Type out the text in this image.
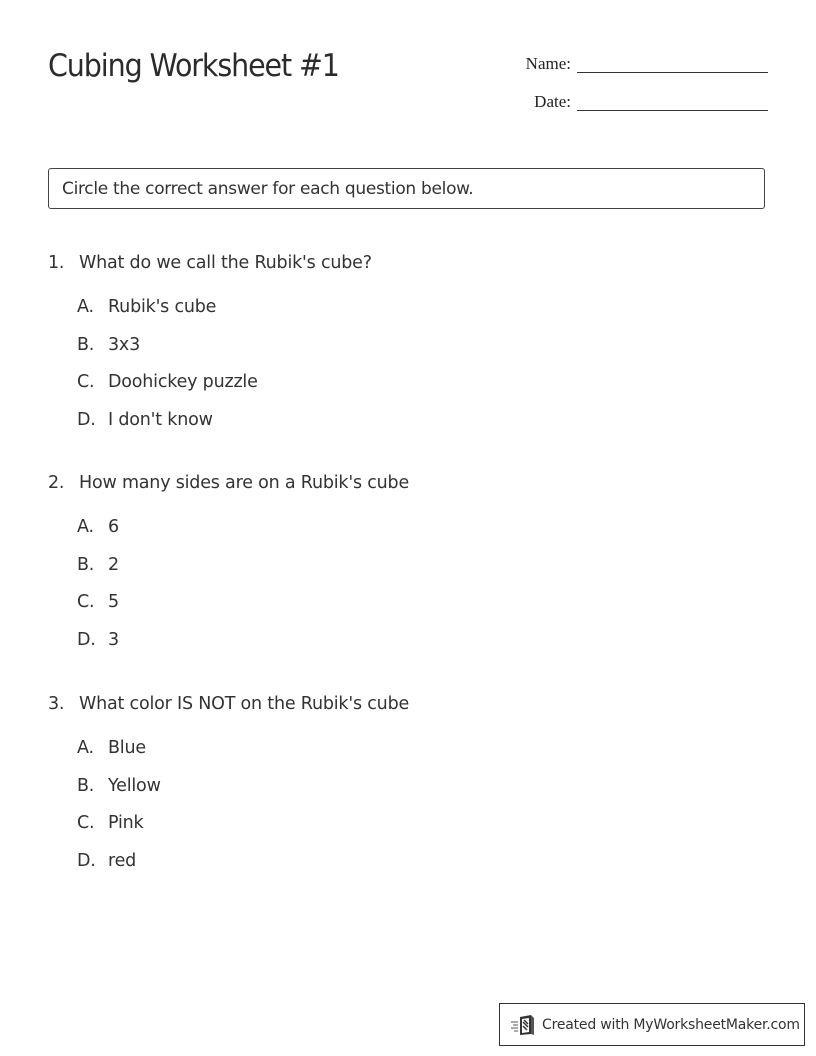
Cubing Worksheet #1	Name:
Date:
Circle the correct answer for each question below.
1. What do we call the Rubik's cube?
A. Rubik's cube
B. 3x3
C. Doohickey puzzle
D. I don't know
2. How many sides are on a Rubik's cube
A. 6
B. 2
C. 5
D. 3
3. What color IS NOT on the Rubik's cube
A. Blue
B. Yellow
C. Pink
D. red
Created with MyWorksheetMaker.com
